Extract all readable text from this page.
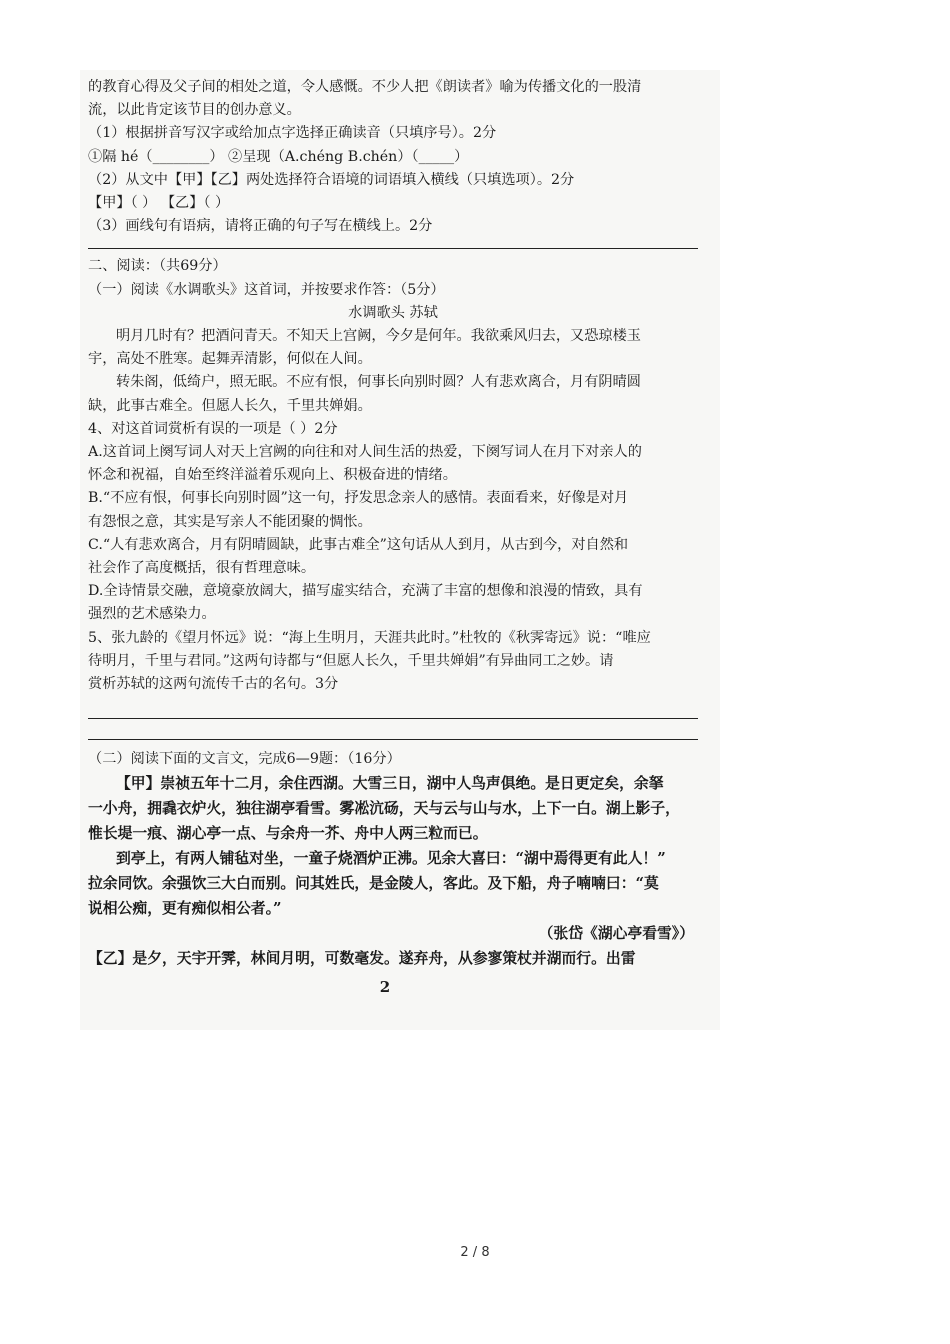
的教育心得及父子间的相处之道，令人感慨。不少人把《朗读者》喻为传播文化的一股清
流，以此肯定该节目的创办意义。
（1）根据拼音写汉字或给加点字选择正确读音（只填序号）。2分
①隔 hé（________） ②呈现（A.chéng B.chén）（_____）
（2）从文中【甲】【乙】两处选择符合语境的词语填入横线（只填选项）。2分
【甲】（ ） 【乙】（ ）
（3）画线句有语病，请将正确的句子写在横线上。2分
二、阅读：（共69分）
（一）阅读《水调歌头》这首词，并按要求作答：（5分）
水调歌头 苏轼
明月几时有？把酒问青天。不知天上宫阙，今夕是何年。我欲乘风归去，又恐琼楼玉
宇，高处不胜寒。起舞弄清影，何似在人间。
转朱阁，低绮户，照无眠。不应有恨，何事长向别时圆？人有悲欢离合，月有阴晴圆
缺，此事古难全。但愿人长久，千里共婵娟。
4、对这首词赏析有误的一项是（ ）2分
A.这首词上阕写词人对天上宫阙的向往和对人间生活的热爱，下阕写词人在月下对亲人的
怀念和祝福，自始至终洋溢着乐观向上、积极奋进的情绪。
B.“不应有恨，何事长向别时圆”这一句，抒发思念亲人的感情。表面看来，好像是对月
有怨恨之意，其实是写亲人不能团聚的惆怅。
C.“人有悲欢离合，月有阴晴圆缺，此事古难全”这句话从人到月，从古到今，对自然和
社会作了高度概括，很有哲理意味。
D.全诗情景交融，意境豪放阔大，描写虚实结合，充满了丰富的想像和浪漫的情致，具有
强烈的艺术感染力。
5、张九龄的《望月怀远》说：“海上生明月，天涯共此时。”杜牧的《秋霁寄远》说：“唯应
待明月，千里与君同。”这两句诗都与“但愿人长久，千里共婵娟”有异曲同工之妙。请
赏析苏轼的这两句流传千古的名句。3分
（二）阅读下面的文言文，完成6—9题：（16分）
【甲】崇祯五年十二月，余住西湖。大雪三日，湖中人鸟声俱绝。是日更定矣，余拏
一小舟，拥毳衣炉火，独往湖亭看雪。雾凇沆砀，天与云与山与水，上下一白。湖上影子，
惟长堤一痕、湖心亭一点、与余舟一芥、舟中人两三粒而已。
到亭上，有两人铺毡对坐，一童子烧酒炉正沸。见余大喜曰：“湖中焉得更有此人！”
拉余同饮。余强饮三大白而别。问其姓氏，是金陵人，客此。及下船，舟子喃喃曰：“莫
说相公痴，更有痴似相公者。”
（张岱《湖心亭看雪》）
【乙】是夕，天宇开霁，林间月明，可数毫发。遂弃舟，从参寥策杖并湖而行。出雷
2
2 / 8
